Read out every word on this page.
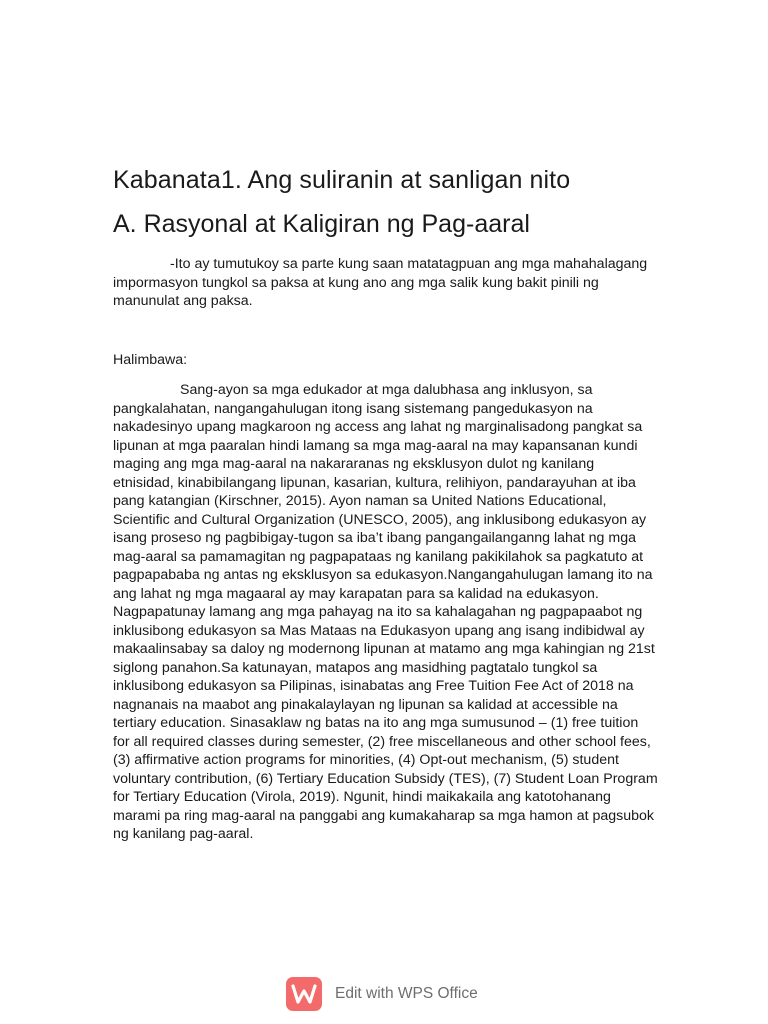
Kabanata1. Ang suliranin at sanligan nito
A. Rasyonal at Kaligiran ng Pag-aaral

-Ito ay tumutukoy sa parte kung saan matatagpuan ang mga mahahalagang impormasyon tungkol sa paksa at kung ano ang mga salik kung bakit pinili ng manunulat ang paksa.

Halimbawa:

Sang-ayon sa mga edukador at mga dalubhasa ang inklusyon, sa pangkalahatan, nangangahulugan itong isang sistemang pangedukasyon na nakadesinyo upang magkaroon ng access ang lahat ng marginalisadong pangkat sa lipunan at mga paaralan hindi lamang sa mga mag-aaral na may kapansanan kundi maging ang mga mag-aaral na nakararanas ng eksklusyon dulot ng kanilang etnisidad, kinabibilangang lipunan, kasarian, kultura, relihiyon, pandarayuhan at iba pang katangian (Kirschner, 2015). Ayon naman sa United Nations Educational, Scientific and Cultural Organization (UNESCO, 2005), ang inklusibong edukasyon ay isang proseso ng pagbibigay-tugon sa iba’t ibang pangangailanganng lahat ng mga mag-aaral sa pamamagitan ng pagpapataas ng kanilang pakikilahok sa pagkatuto at pagpapababa ng antas ng eksklusyon sa edukasyon.Nangangahulugan lamang ito na ang lahat ng mga magaaral ay may karapatan para sa kalidad na edukasyon. Nagpapatunay lamang ang mga pahayag na ito sa kahalagahan ng pagpapaabot ng inklusibong edukasyon sa Mas Mataas na Edukasyon upang ang isang indibidwal ay makaalinsabay sa daloy ng modernong lipunan at matamo ang mga kahingian ng 21st siglong panahon.Sa katunayan, matapos ang masidhing pagtatalo tungkol sa inklusibong edukasyon sa Pilipinas, isinabatas ang Free Tuition Fee Act of 2018 na nagnanais na maabot ang pinakalaylayan ng lipunan sa kalidad at accessible na tertiary education. Sinasaklaw ng batas na ito ang mga sumusunod – (1) free tuition for all required classes during semester, (2) free miscellaneous and other school fees, (3) affirmative action programs for minorities, (4) Opt-out mechanism, (5) student voluntary contribution, (6) Tertiary Education Subsidy (TES), (7) Student Loan Program for Tertiary Education (Virola, 2019). Ngunit, hindi maikakaila ang katotohanang marami pa ring mag-aaral na panggabi ang kumakaharap sa mga hamon at pagsubok ng kanilang pag-aaral.

Edit with WPS Office
